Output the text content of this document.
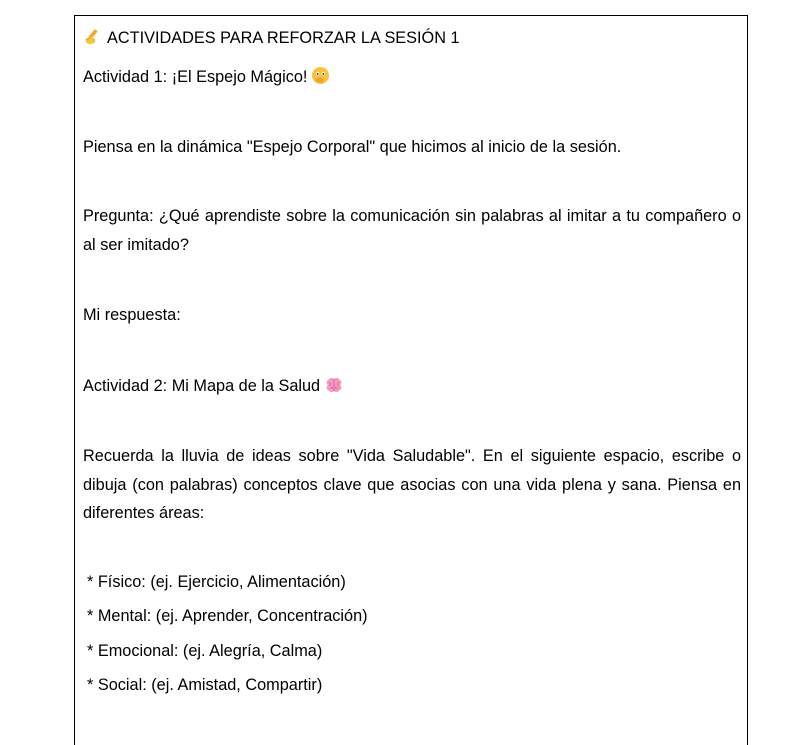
ACTIVIDADES PARA REFORZAR LA SESIÓN 1
Actividad 1: ¡El Espejo Mágico!
Piensa en la dinámica "Espejo Corporal" que hicimos al inicio de la sesión.
Pregunta: ¿Qué aprendiste sobre la comunicación sin palabras al imitar a tu compañero o al ser imitado?
Mi respuesta:
Actividad 2: Mi Mapa de la Salud
Recuerda la lluvia de ideas sobre "Vida Saludable". En el siguiente espacio, escribe o dibuja (con palabras) conceptos clave que asocias con una vida plena y sana. Piensa en diferentes áreas:
* Físico: (ej. Ejercicio, Alimentación)
* Mental: (ej. Aprender, Concentración)
* Emocional: (ej. Alegría, Calma)
* Social: (ej. Amistad, Compartir)
